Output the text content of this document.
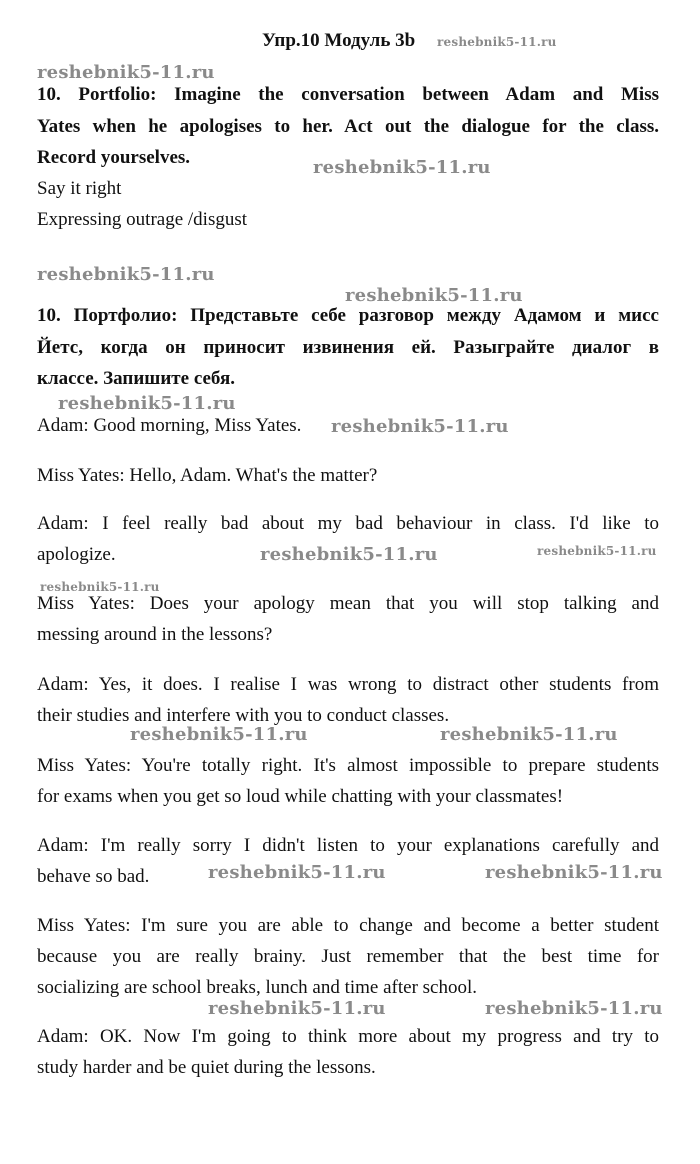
Упр.10 Модуль 3b reshebnik5-11.ru
reshebnik5-11.ru
10. Portfolio: Imagine the conversation between Adam and Miss
Yates when he apologises to her. Act out the dialogue for the class.
Record yourselves.	reshebnik5-11.ru
Say it right
Expressing outrage /disgust
reshebnik5-11.ru
reshebnik5-11.ru
10. Портфолио: Представьте себе разговор между Адамом и мисс
Йетс, когда он приносит извинения ей. Разыграйте диалог в
классе. Запишите себя.
reshebnik5-11.ru
Adam: Good morning, Miss Yates.	reshebnik5-11.ru
Miss Yates: Hello, Adam. What's the matter?
Adam: I feel really bad about my bad behaviour in class. I'd like to
apologize.	reshebnik5-11.ru	reshebnik5-11.ru
reshebnik5-11.ru
Miss Yates: Does your apology mean that you will stop talking and
messing around in the lessons?
Adam: Yes, it does. I realise I was wrong to distract other students from
their studies and interfere with you to conduct classes.
reshebnik5-11.ru	reshebnik5-11.ru
Miss Yates: You're totally right. It's almost impossible to prepare students
for exams when you get so loud while chatting with your classmates!
Adam: I'm really sorry I didn't listen to your explanations carefully and
behave so bad.	reshebnik5-11.ru	reshebnik5-11.ru
Miss Yates: I'm sure you are able to change and become a better student
because you are really brainy. Just remember that the best time for
socializing are school breaks, lunch and time after school.
reshebnik5-11.ru	reshebnik5-11.ru
Adam: OK. Now I'm going to think more about my progress and try to
study harder and be quiet during the lessons.
